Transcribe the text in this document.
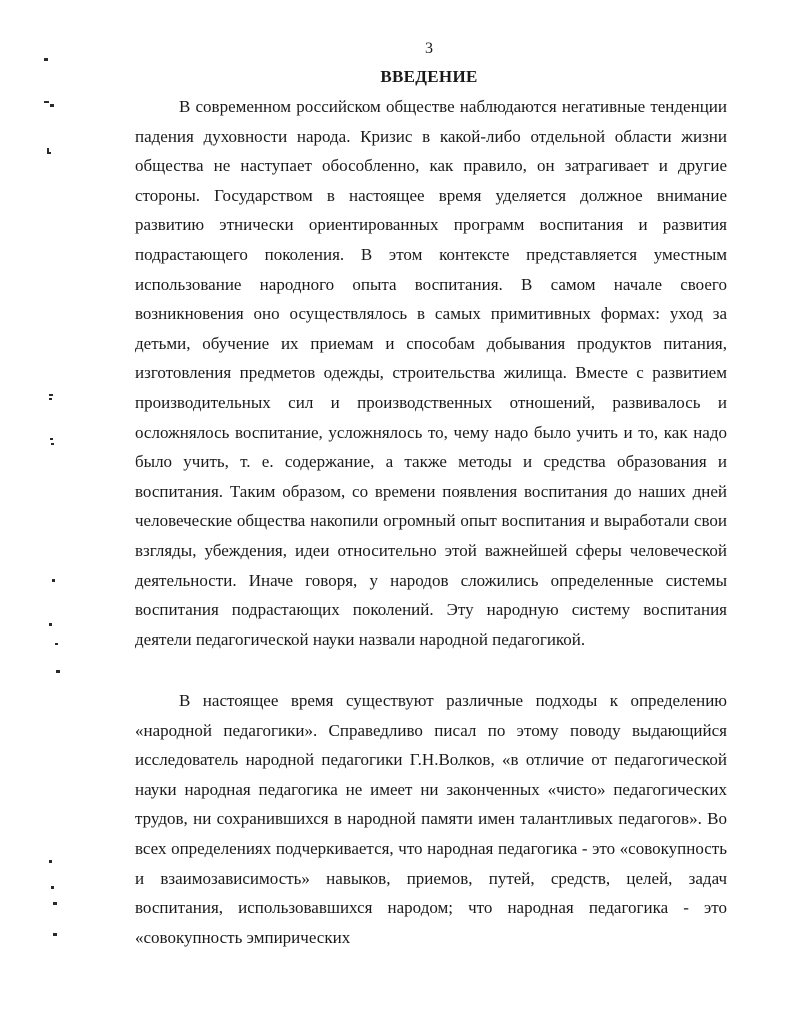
3
ВВЕДЕНИЕ

В современном российском обществе наблюдаются негативные тенденции падения духовности народа. Кризис в какой-либо отдельной области жизни общества не наступает обособленно, как правило, он затрагивает и другие стороны. Государством в настоящее время уделяется должное внимание развитию этнически ориентированных программ воспитания и развития подрастающего поколения. В этом контексте представляется уместным использование народного опыта воспитания. В самом начале своего возникновения оно осуществлялось в самых примитивных формах: уход за детьми, обучение их приемам и способам добывания продуктов питания, изготовления предметов одежды, строительства жилища. Вместе с развитием производительных сил и производственных отношений, развивалось и осложнялось воспитание, усложнялось то, чему надо было учить и то, как надо было учить, т. е. содержание, а также методы и средства образования и воспитания. Таким образом, со времени появления воспитания до наших дней человеческие общества накопили огромный опыт воспитания и выработали свои взгляды, убеждения, идеи относительно этой важнейшей сферы человеческой деятельности. Иначе говоря, у народов сложились определенные системы воспитания подрастающих поколений. Эту народную систему воспитания деятели педагогической науки назвали народной педагогикой.

В настоящее время существуют различные подходы к определению «народной педагогики». Справедливо писал по этому поводу выдающийся исследователь народной педагогики Г.Н.Волков, «в отличие от педагогической науки народная педагогика не имеет ни законченных «чисто» педагогических трудов, ни сохранившихся в народной памяти имен талантливых педагогов». Во всех определениях подчеркивается, что народная педагогика - это «совокупность и взаимозависимость» навыков, приемов, путей, средств, целей, задач воспитания, использовавшихся народом; что народная педагогика - это «совокупность эмпирических
